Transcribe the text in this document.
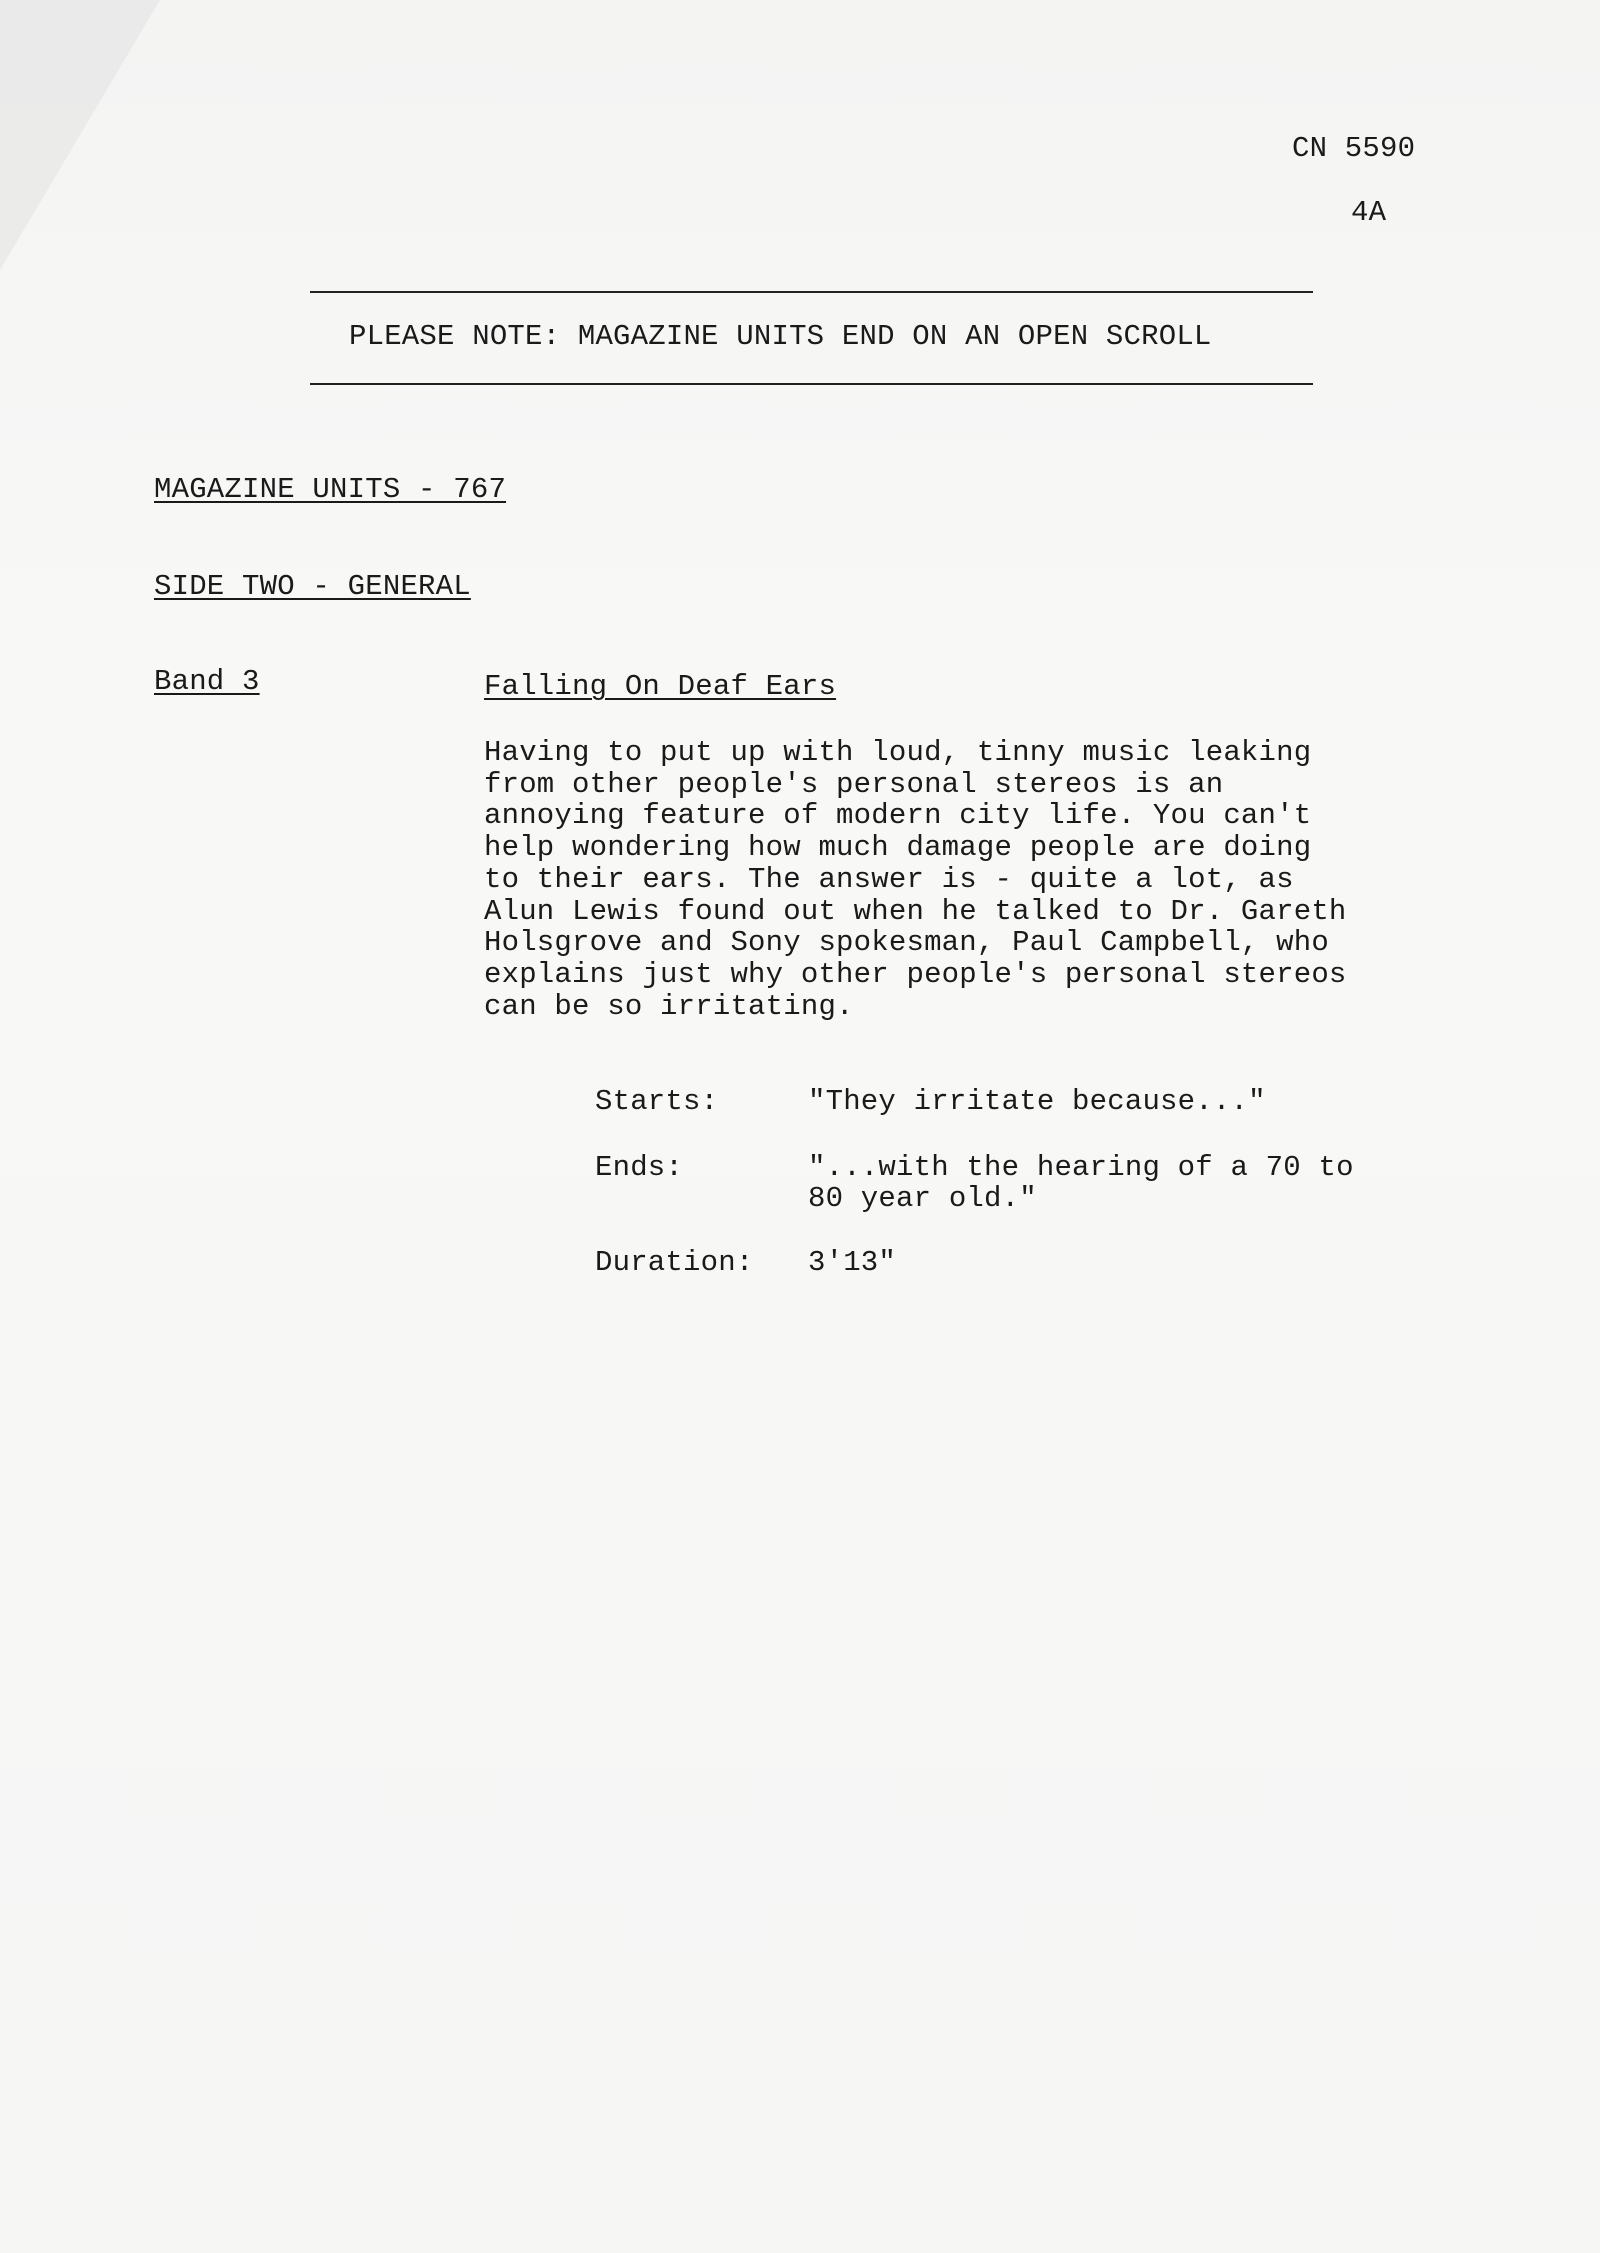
CN 5590
4A
PLEASE NOTE: MAGAZINE UNITS END ON AN OPEN SCROLL
MAGAZINE UNITS - 767
SIDE TWO - GENERAL
Band 3	Falling On Deaf Ears
Having to put up with loud, tinny music leaking
from other people's personal stereos is an
annoying feature of modern city life. You can't
help wondering how much damage people are doing
to their ears. The answer is - quite a lot, as
Alun Lewis found out when he talked to Dr. Gareth
Holsgrove and Sony spokesman, Paul Campbell, who
explains just why other people's personal stereos
can be so irritating.
Starts:	"They irritate because..."
Ends:	"...with the hearing of a 70 to
80 year old."
Duration: 3'13"
